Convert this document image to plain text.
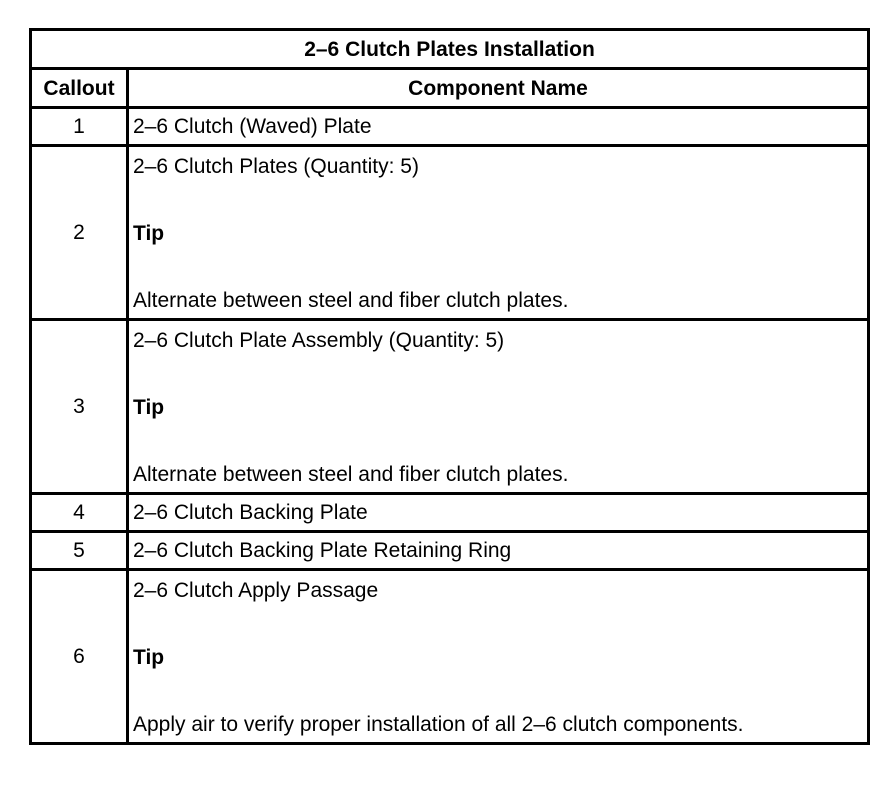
2–6 Clutch Plates Installation	
Callout	Component Name
1	2–6 Clutch (Waved) Plate
2	2–6 Clutch Plates (Quantity: 5)
Tip
Alternate between steel and fiber clutch plates.

3	2–6 Clutch Plate Assembly (Quantity: 5)
Tip
Alternate between steel and fiber clutch plates.

4	2–6 Clutch Backing Plate
5	2–6 Clutch Backing Plate Retaining Ring
6	2–6 Clutch Apply Passage
Tip
Apply air to verify proper installation of all 2–6 clutch components.
